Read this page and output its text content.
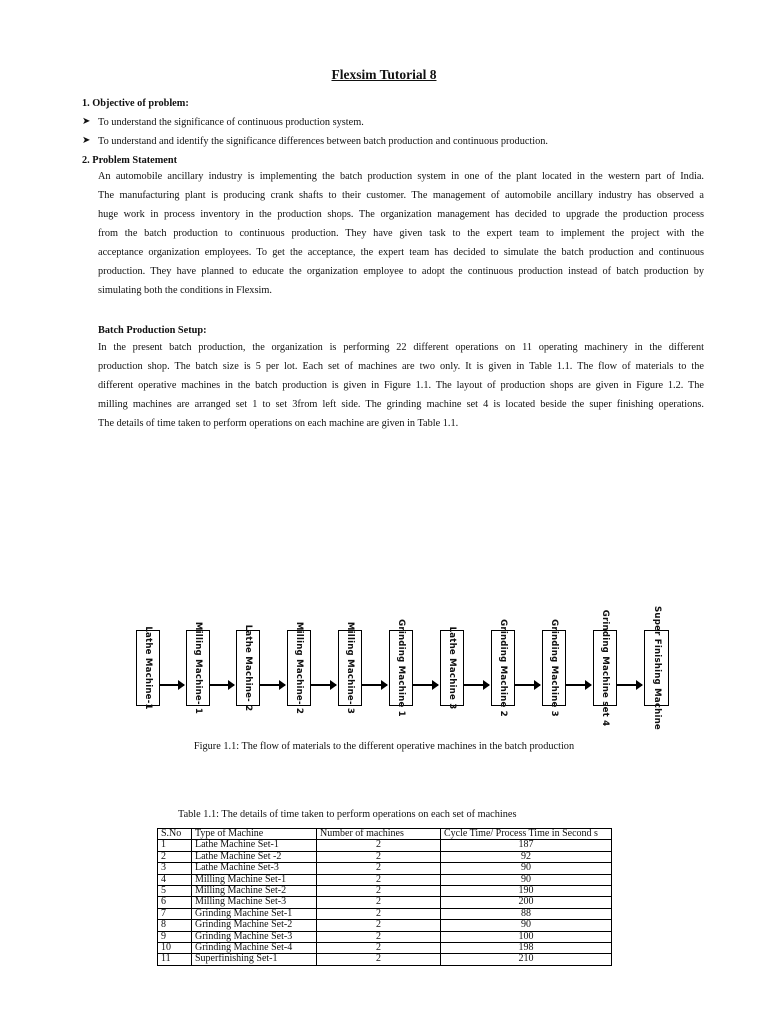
Flexsim Tutorial 8
1. Objective of problem:
➤ To understand the significance of continuous production system.
➤ To understand and identify the significance differences between batch production and continuous production.
2. Problem Statement
An automobile ancillary industry is implementing the batch production system in one of the plant located in the western part of India.
The manufacturing plant is producing crank shafts to their customer. The management of automobile ancillary industry has observed a
huge work in process inventory in the production shops. The organization management has decided to upgrade the production process
from the batch production to continuous production. They have given task to the expert team to implement the project with the
acceptance organization employees. To get the acceptance, the expert team has decided to simulate the batch production and continuous
production. They have planned to educate the organization employee to adopt the continuous production instead of batch production by
simulating both the conditions in Flexsim.
Batch Production Setup:
In the present batch production, the organization is performing 22 different operations on 11 operating machinery in the different
production shop. The batch size is 5 per lot. Each set of machines are two only. It is given in Table 1.1. The flow of materials to the
different operative machines in the batch production is given in Figure 1.1. The layout of production shops are given in Figure 1.2. The
milling machines are arranged set 1 to set 3from left side. The grinding machine set 4 is located beside the super finishing operations.
The details of time taken to perform operations on each machine are given in Table 1.1.
Lathe Machine-1	Milling Machine- 1	Lathe Machine- 2	Milling Machine- 2	Milling Machine- 3	Grinding Machine 1	Lathe Machine 3	Grinding Machine 2	Grinding Machine 3	Grinding Machine set 4	Super Finishing Machine
Figure 1.1: The flow of materials to the different operative machines in the batch production
Table 1.1: The details of time taken to perform operations on each set of machines
S.No	Type of Machine	Number of machines	Cycle Time/ Process Time in Second s
1	Lathe Machine Set-1	2	187
2	Lathe Machine Set -2	2	92
3	Lathe Machine Set-3	2	90
4	Milling Machine Set-1	2	90
5	Milling Machine Set-2	2	190
6	Milling Machine Set-3	2	200
7	Grinding Machine Set-1	2	88
8	Grinding Machine Set-2	2	90
9	Grinding Machine Set-3	2	100
10	Grinding Machine Set-4	2	198
11	Superfinishing Set-1	2	210
